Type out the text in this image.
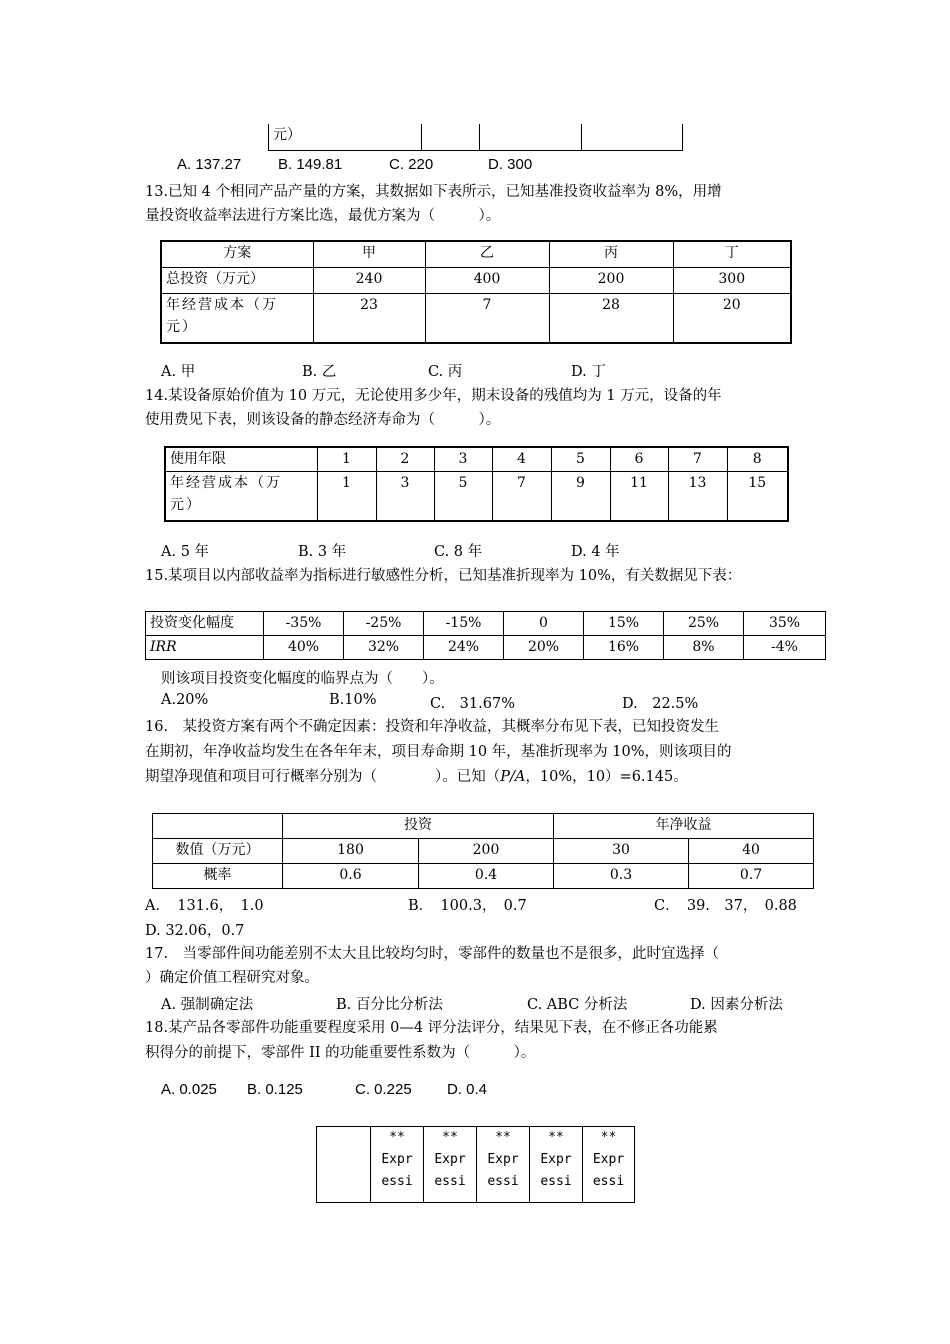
元）			
A. 137.27 B. 149.81	C. 220	D. 300
13.已知 4 个相同产品产量的方案，其数据如下表所示，已知基准投资收益率为 8%，用增
量投资收益率法进行方案比选，最优方案为（　　　）。
方案	甲	乙	丙	丁
总投资（万元）	240	400	200	300
年经营成本（万
元）	23	7	28	20
A. 甲	B. 乙	C. 丙	D. 丁
14.某设备原始价值为 10 万元，无论使用多少年，期末设备的残值均为 1 万元，设备的年
使用费见下表，则该设备的静态经济寿命为（　　　）。
使用年限	1	2	3	4	5	6	7	8
年经营成本（万
元）	1	3	5	7	9	11	13	15
A. 5 年	B. 3 年	C. 8 年	D. 4 年
15.某项目以内部收益率为指标进行敏感性分析，已知基准折现率为 10%，有关数据见下表：
投资变化幅度	-35%	-25%	-15%	0	15%	25%	35%
IRR	40%	32%	24%	20%	16%	8%	-4%
则该项目投资变化幅度的临界点为（　　）。
A.20%	B.10%	C.　31.67%	D.　22.5%
16.　某投资方案有两个不确定因素：投资和年净收益，其概率分布见下表，已知投资发生
在期初，年净收益均发生在各年年末，项目寿命期 10 年，基准折现率为 10%，则该项目的
期望净现值和项目可行概率分别为（　　　　）。已知（P/A，10%，10）=6.145。
	投资		年净收益	
数值（万元）	180	200	30	40
概率	0.6	0.4	0.3	0.7
A．　131.6，　1.0	B．　100.3，　0.7	C．　39.　37，　0.88
D. 32.06，0.7
17.　当零部件间功能差别不太大且比较均匀时，零部件的数量也不是很多，此时宜选择（
）确定价值工程研究对象。
A. 强制确定法	B. 百分比分析法	C. ABC 分析法	D. 因素分析法
18.某产品各零部件功能重要程度采用 0—4 评分法评分，结果见下表，在不修正各功能累
积得分的前提下，零部件 II 的功能重要性系数为（　　　）。
A. 0.025 B. 0.125	C. 0.225 D. 0.4
	**
Expr
essi	**
Expr
essi	**
Expr
essi	**
Expr
essi	**
Expr
essi
